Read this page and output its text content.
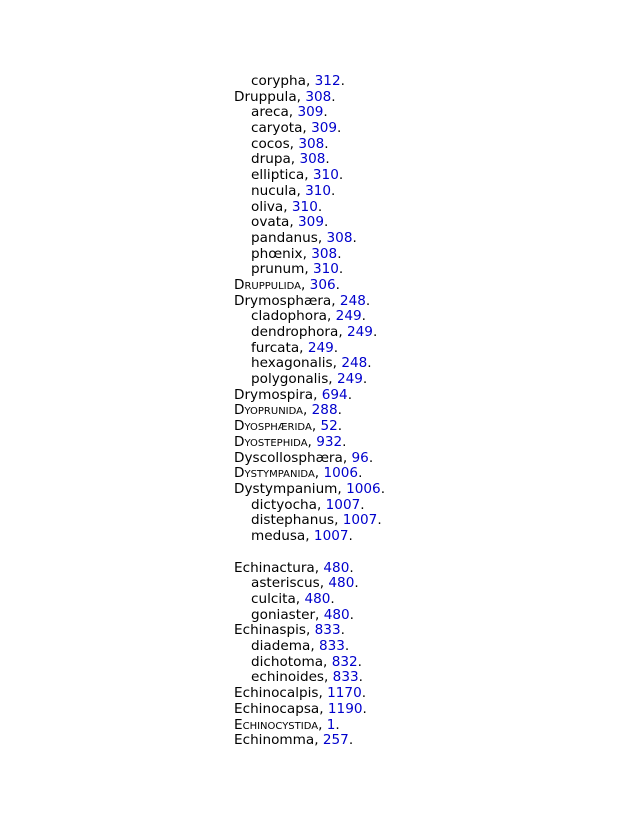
corypha, 312.
Druppula, 308.
areca, 309.
caryota, 309.
cocos, 308.
drupa, 308.
elliptica, 310.
nucula, 310.
oliva, 310.
ovata, 309.
pandanus, 308.
phœnix, 308.
prunum, 310.
Druppulida, 306.
Drymosphæra, 248.
cladophora, 249.
dendrophora, 249.
furcata, 249.
hexagonalis, 248.
polygonalis, 249.
Drymospira, 694.
Dyoprunida, 288.
Dyosphærida, 52.
Dyostephida, 932.
Dyscollosphæra, 96.
Dystympanida, 1006.
Dystympanium, 1006.
dictyocha, 1007.
distephanus, 1007.
medusa, 1007.
Echinactura, 480.
asteriscus, 480.
culcita, 480.
goniaster, 480.
Echinaspis, 833.
diadema, 833.
dichotoma, 832.
echinoides, 833.
Echinocalpis, 1170.
Echinocapsa, 1190.
Echinocystida, 1.
Echinomma, 257.
